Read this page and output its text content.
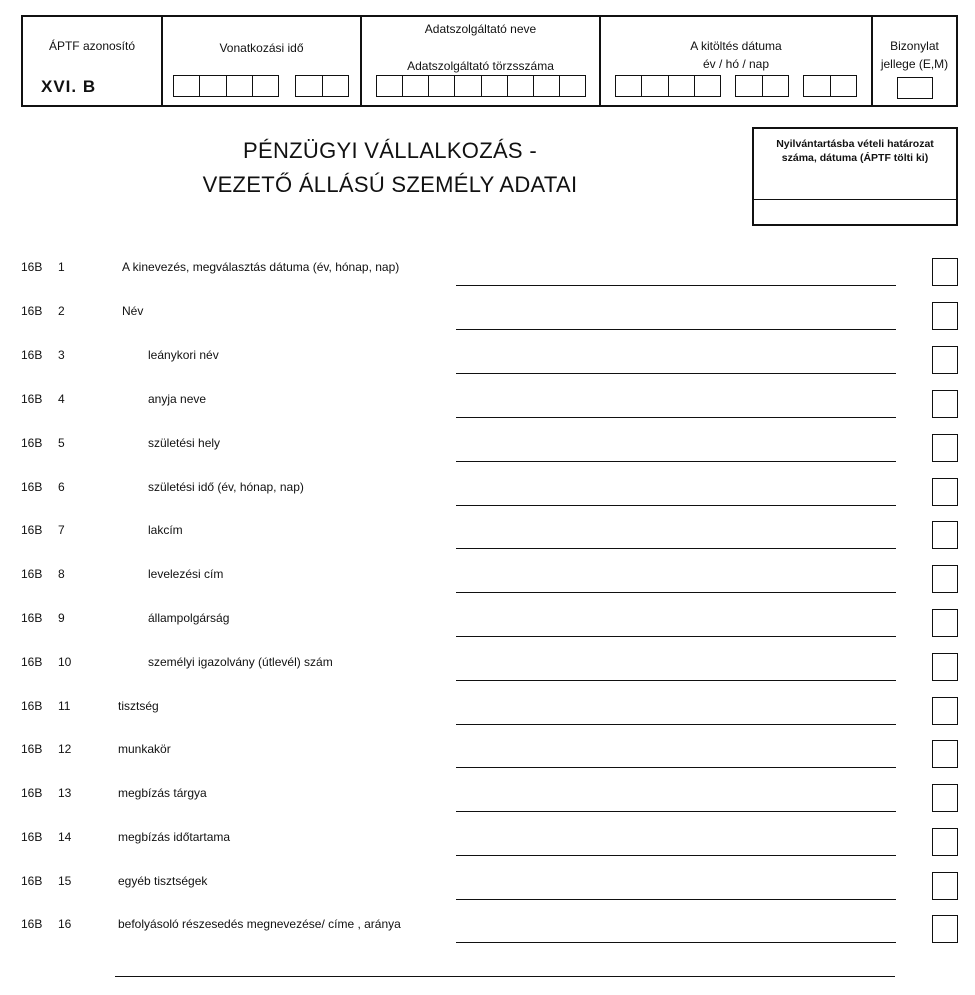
ÁPTF azonosító
XVI. B
Vonatkozási idő
Adatszolgáltató neve
Adatszolgáltató törzsszáma
A kitöltés dátuma
év / hó / nap
Bizonylat
jellege (E,M)
PÉNZÜGYI VÁLLALKOZÁS -
VEZETŐ ÁLLÁSÚ SZEMÉLY ADATAI
Nyilvántartásba vételi határozat
száma, dátuma (ÁPTF tölti ki)
16B 1	A kinevezés, megválasztás dátuma (év, hónap, nap)
16B 2	Név
16B 3	leánykori név
16B 4	anyja neve
16B 5	születési hely
16B 6	születési idő (év, hónap, nap)
16B 7	lakcím
16B 8	levelezési cím
16B 9	állampolgárság
16B 10	személyi igazolvány (útlevél) szám
16B 11	tisztség
16B 12	munkakör
16B 13	megbízás tárgya
16B 14	megbízás időtartama
16B 15	egyéb tisztségek
16B 16	befolyásoló részesedés megnevezése/ címe , aránya
